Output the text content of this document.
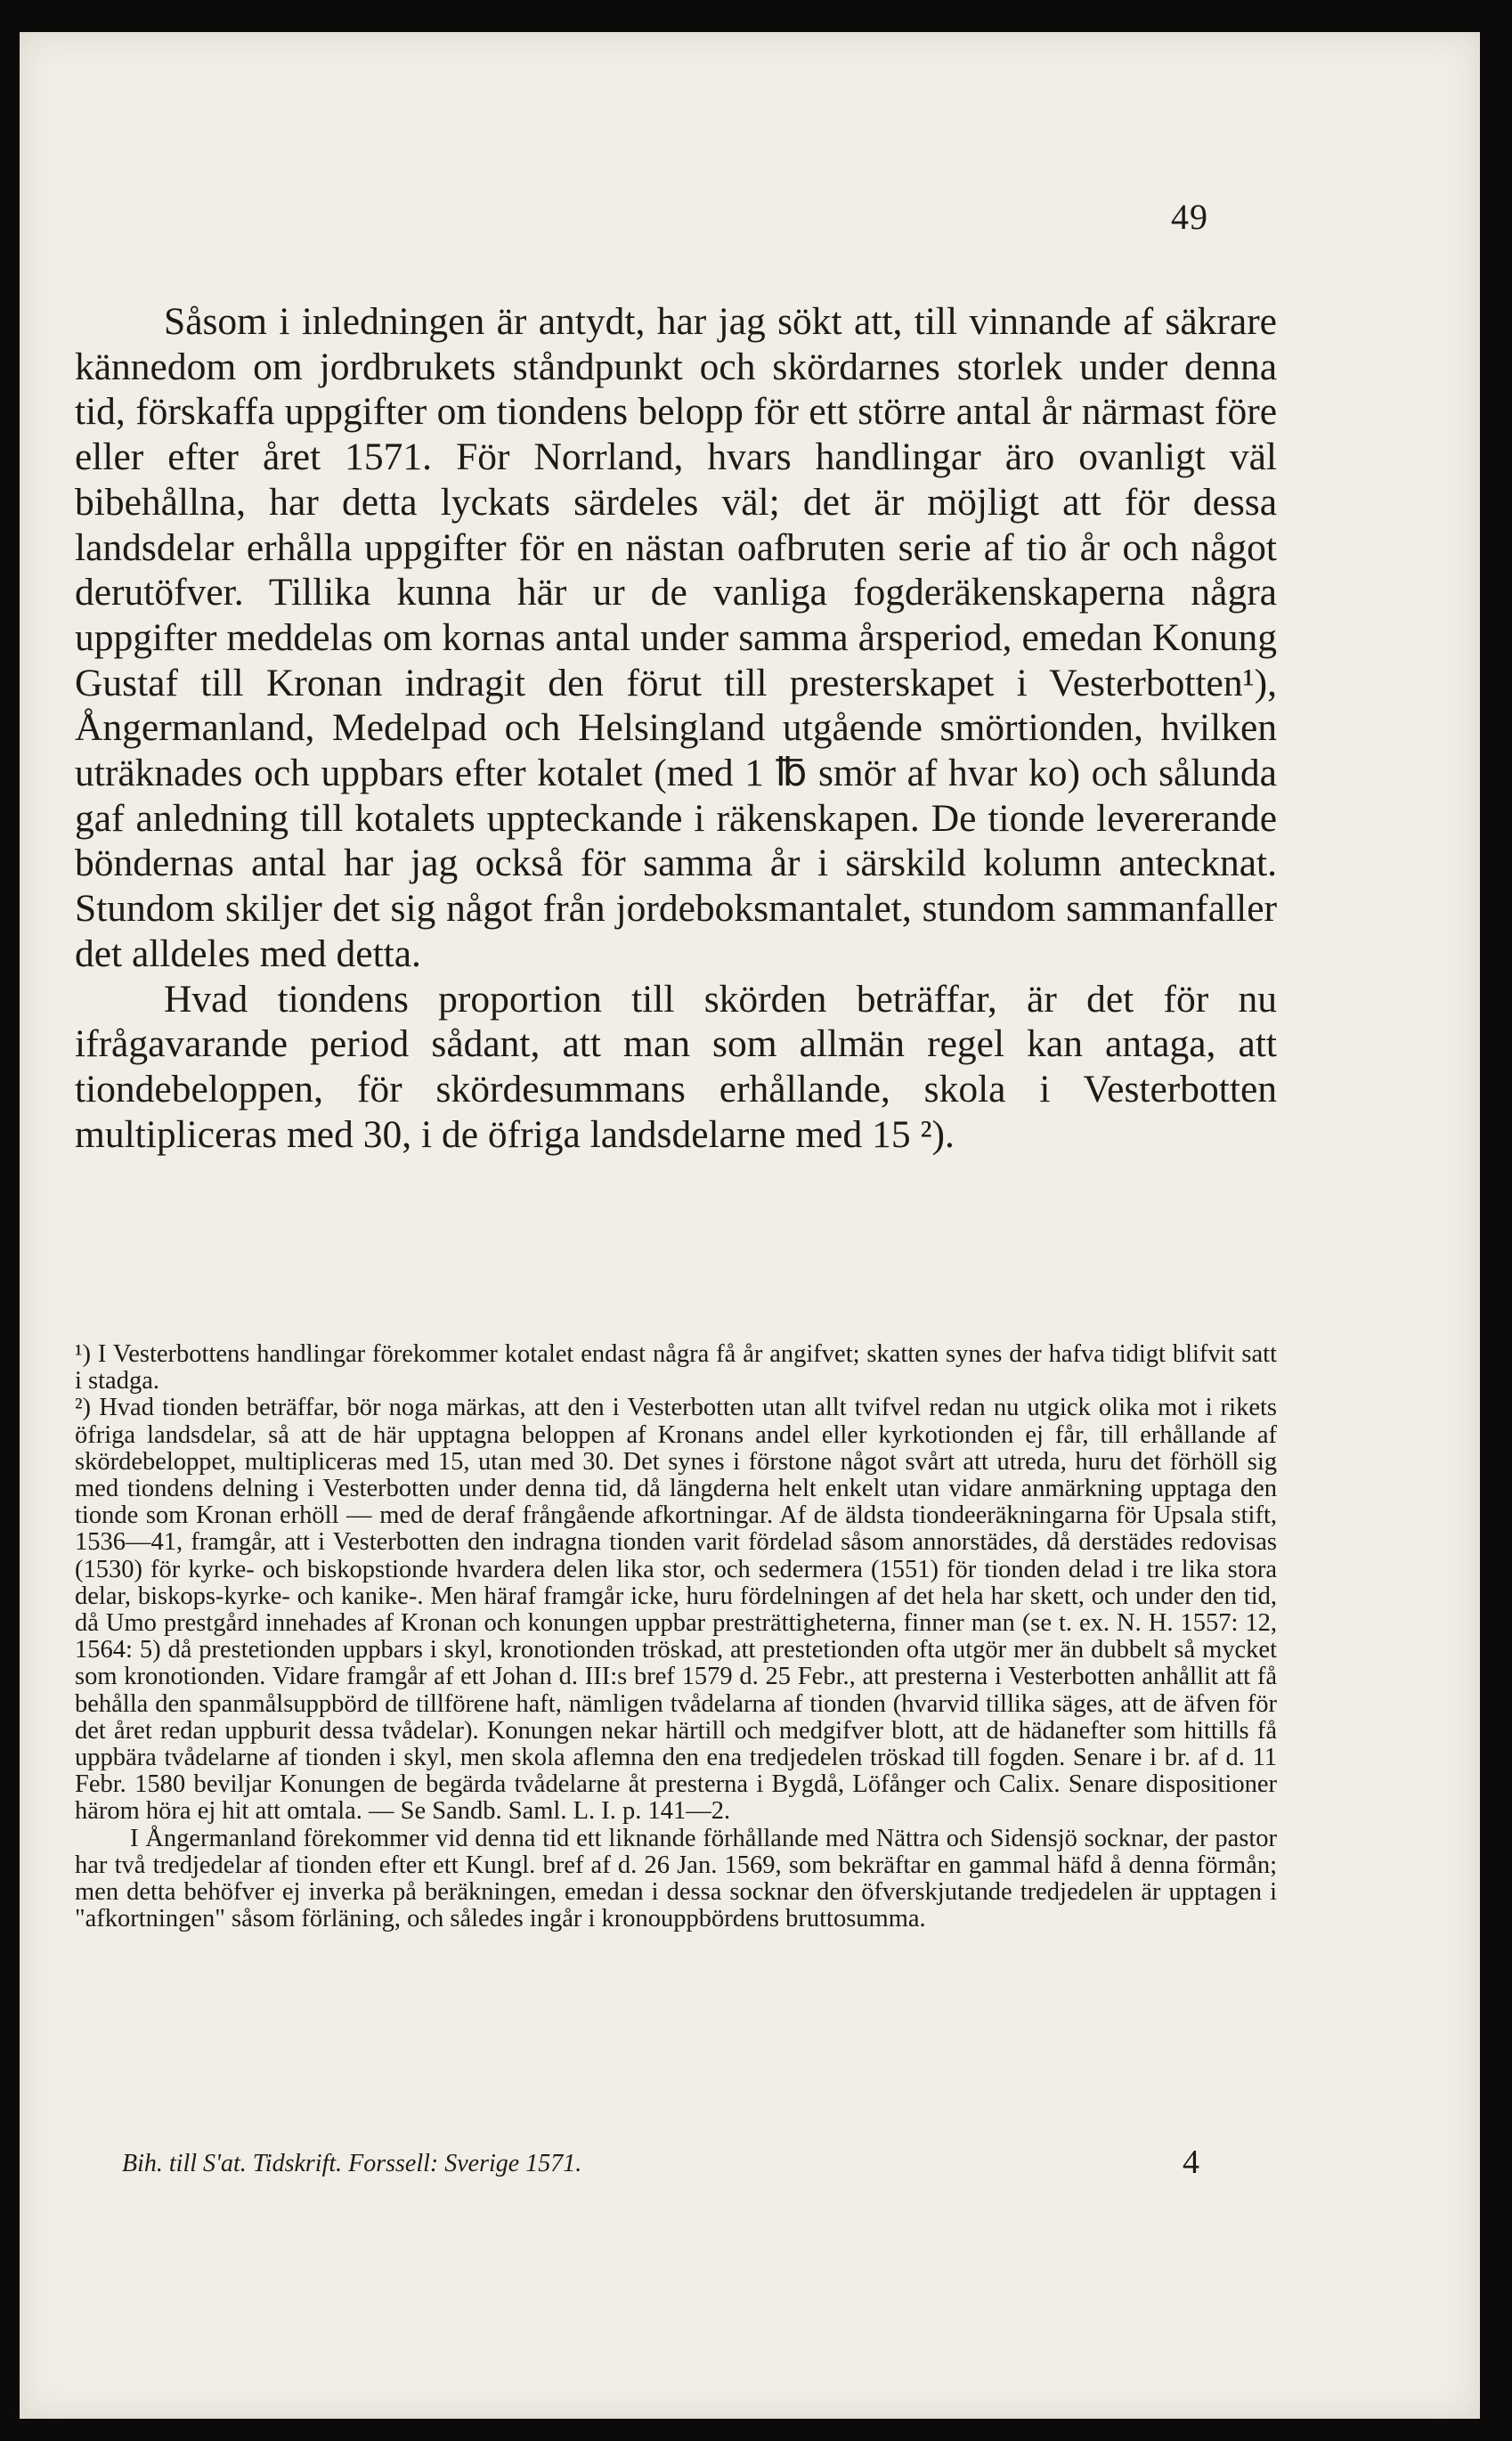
49

Såsom i inledningen är antydt, har jag sökt att, till vinnande af säkrare kännedom om jordbrukets ståndpunkt och skördarnes storlek under denna tid, förskaffa uppgifter om tiondens belopp för ett större antal år närmast före eller efter året 1571. För Norrland, hvars handlingar äro ovanligt väl bibehållna, har detta lyckats särdeles väl; det är möjligt att för dessa landsdelar erhålla uppgifter för en nästan oafbruten serie af tio år och något derutöfver. Tillika kunna här ur de vanliga fogderäkenskaperna några uppgifter meddelas om kornas antal under samma årsperiod, emedan Konung Gustaf till Kronan indragit den förut till presterskapet i Vesterbotten¹), Ångermanland, Medelpad och Helsingland utgående smörtionden, hvilken uträknades och uppbars efter kotalet (med 1 ℔ smör af hvar ko) och sålunda gaf anledning till kotalets uppteckande i räkenskapen. De tionde levererande böndernas antal har jag också för samma år i särskild kolumn antecknat. Stundom skiljer det sig något från jordeboksmantalet, stundom sammanfaller det alldeles med detta.

Hvad tiondens proportion till skörden beträffar, är det för nu ifrågavarande period sådant, att man som allmän regel kan antaga, att tiondebeloppen, för skördesummans erhållande, skola i Vesterbotten multipliceras med 30, i de öfriga landsdelarne med 15 ²).

¹) I Vesterbottens handlingar förekommer kotalet endast några få år angifvet; skatten synes der hafva tidigt blifvit satt i stadga.

²) Hvad tionden beträffar, bör noga märkas, att den i Vesterbotten utan allt tvifvel redan nu utgick olika mot i rikets öfriga landsdelar, så att de här upptagna beloppen af Kronans andel eller kyrkotionden ej får, till erhållande af skördebeloppet, multipliceras med 15, utan med 30. Det synes i förstone något svårt att utreda, huru det förhöll sig med tiondens delning i Vesterbotten under denna tid, då längderna helt enkelt utan vidare anmärkning upptaga den tionde som Kronan erhöll — med de deraf frångående afkortningar. Af de äldsta tiondeeräkningarna för Upsala stift, 1536—41, framgår, att i Vesterbotten den indragna tionden varit fördelad såsom annorstädes, då derstädes redovisas (1530) för kyrke- och biskopstionde hvardera delen lika stor, och sedermera (1551) för tionden delad i tre lika stora delar, biskops-kyrke- och kanike-. Men häraf framgår icke, huru fördelningen af det hela har skett, och under den tid, då Umo prestgård innehades af Kronan och konungen uppbar presträttigheterna, finner man (se t. ex. N. H. 1557: 12, 1564: 5) då prestetionden uppbars i skyl, kronotionden tröskad, att prestetionden ofta utgör mer än dubbelt så mycket som kronotionden. Vidare framgår af ett Johan d. III:s bref 1579 d. 25 Febr., att presterna i Vesterbotten anhållit att få behålla den spanmålsuppbörd de tillförene haft, nämligen tvådelarna af tionden (hvarvid tillika säges, att de äfven för det året redan uppburit dessa tvådelar). Konungen nekar härtill och medgifver blott, att de hädanefter som hittills få uppbära tvådelarne af tionden i skyl, men skola aflemna den ena tredjedelen tröskad till fogden. Senare i br. af d. 11 Febr. 1580 beviljar Konungen de begärda tvådelarne åt presterna i Bygdå, Löfånger och Calix. Senare dispositioner härom höra ej hit att omtala. — Se Sandb. Saml. L. I. p. 141—2.

I Ångermanland förekommer vid denna tid ett liknande förhållande med Nättra och Sidensjö socknar, der pastor har två tredjedelar af tionden efter ett Kungl. bref af d. 26 Jan. 1569, som bekräftar en gammal häfd å denna förmån; men detta behöfver ej inverka på beräkningen, emedan i dessa socknar den öfverskjutande tredjedelen är upptagen i "afkortningen" såsom förläning, och således ingår i kronouppbördens bruttosumma.

Bih. till S'at. Tidskrift. Forssell: Sverige 1571.	4
